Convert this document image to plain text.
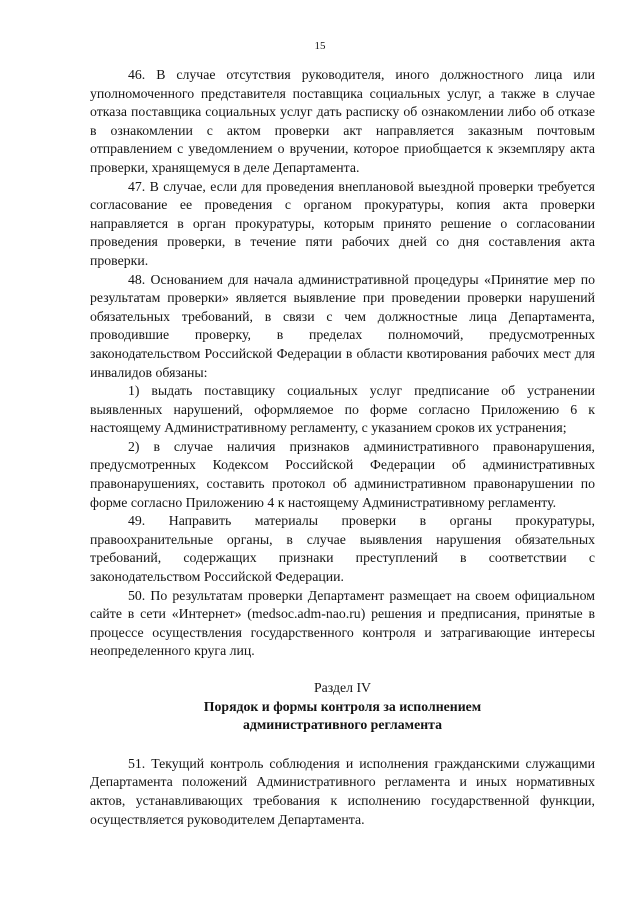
15

46. В случае отсутствия руководителя, иного должностного лица или уполномоченного представителя поставщика социальных услуг, а также в случае отказа поставщика социальных услуг дать расписку об ознакомлении либо об отказе в ознакомлении с актом проверки акт направляется заказным почтовым отправлением с уведомлением о вручении, которое приобщается к экземпляру акта проверки, хранящемуся в деле Департамента.

47. В случае, если для проведения внеплановой выездной проверки требуется согласование ее проведения с органом прокуратуры, копия акта проверки направляется в орган прокуратуры, которым принято решение о согласовании проведения проверки, в течение пяти рабочих дней со дня составления акта проверки.

48. Основанием для начала административной процедуры «Принятие мер по результатам проверки» является выявление при проведении проверки нарушений обязательных требований, в связи с чем должностные лица Департамента, проводившие проверку, в пределах полномочий, предусмотренных законодательством Российской Федерации в области квотирования рабочих мест для инвалидов обязаны:

1) выдать поставщику социальных услуг предписание об устранении выявленных нарушений, оформляемое по форме согласно Приложению 6 к настоящему Административному регламенту, с указанием сроков их устранения;

2) в случае наличия признаков административного правонарушения, предусмотренных Кодексом Российской Федерации об административных правонарушениях, составить протокол об административном правонарушении по форме согласно Приложению 4 к настоящему Административному регламенту.

49. Направить материалы проверки в органы прокуратуры, правоохранительные органы, в случае выявления нарушения обязательных требований, содержащих признаки преступлений в соответствии с законодательством Российской Федерации.

50. По результатам проверки Департамент размещает на своем официальном сайте в сети «Интернет» (medsoc.adm-nao.ru) решения и предписания, принятые в процессе осуществления государственного контроля и затрагивающие интересы неопределенного круга лиц.

Раздел IV

Порядок и формы контроля за исполнением

административного регламента

51. Текущий контроль соблюдения и исполнения гражданскими служащими Департамента положений Административного регламента и иных нормативных актов, устанавливающих требования к исполнению государственной функции, осуществляется руководителем Департамента.
